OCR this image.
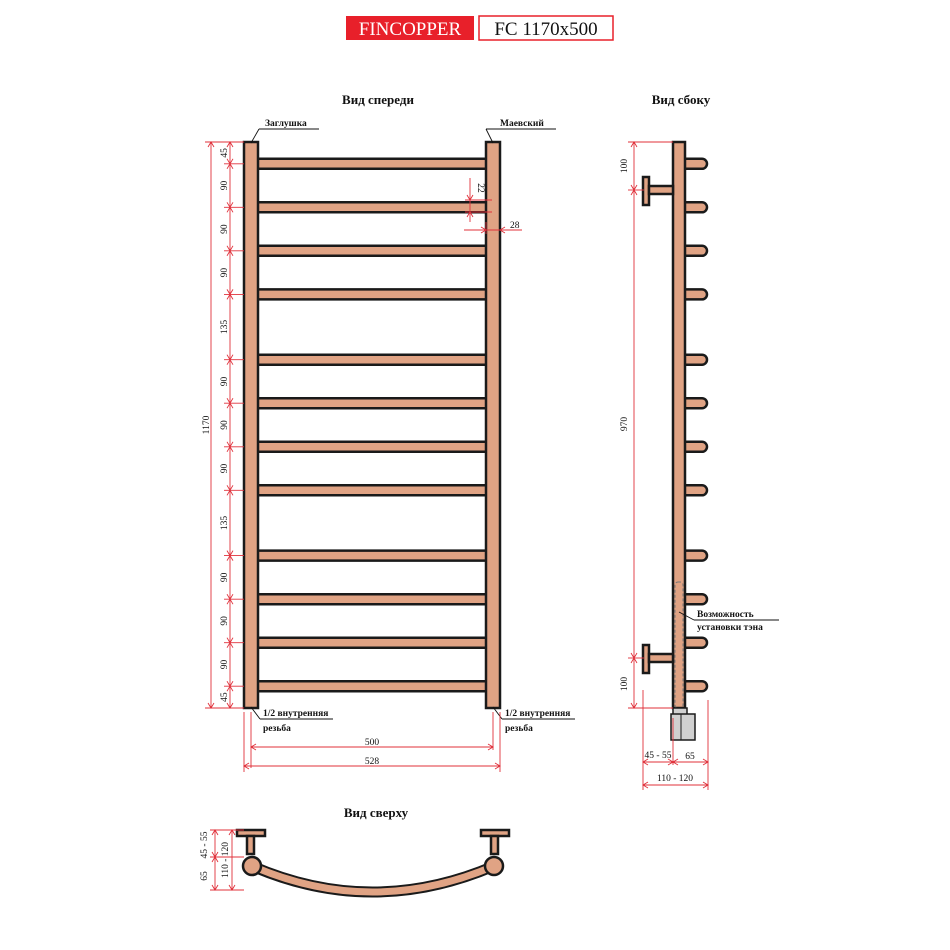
FINCOPPER FC 1170x500
Вид спереди	Вид сбоку
Вид сверху
Заглушка	Маевский
1/2 внутренняя
резьба
1/2 внутренняя
резьба
45
90
90
90
135
90
90
90
135
90
90
90
45
1170
22
28
500
528
Возможность
установки тэна
100
970
100
45 - 55 65
110 - 120
45 - 55
65 110 - 120
